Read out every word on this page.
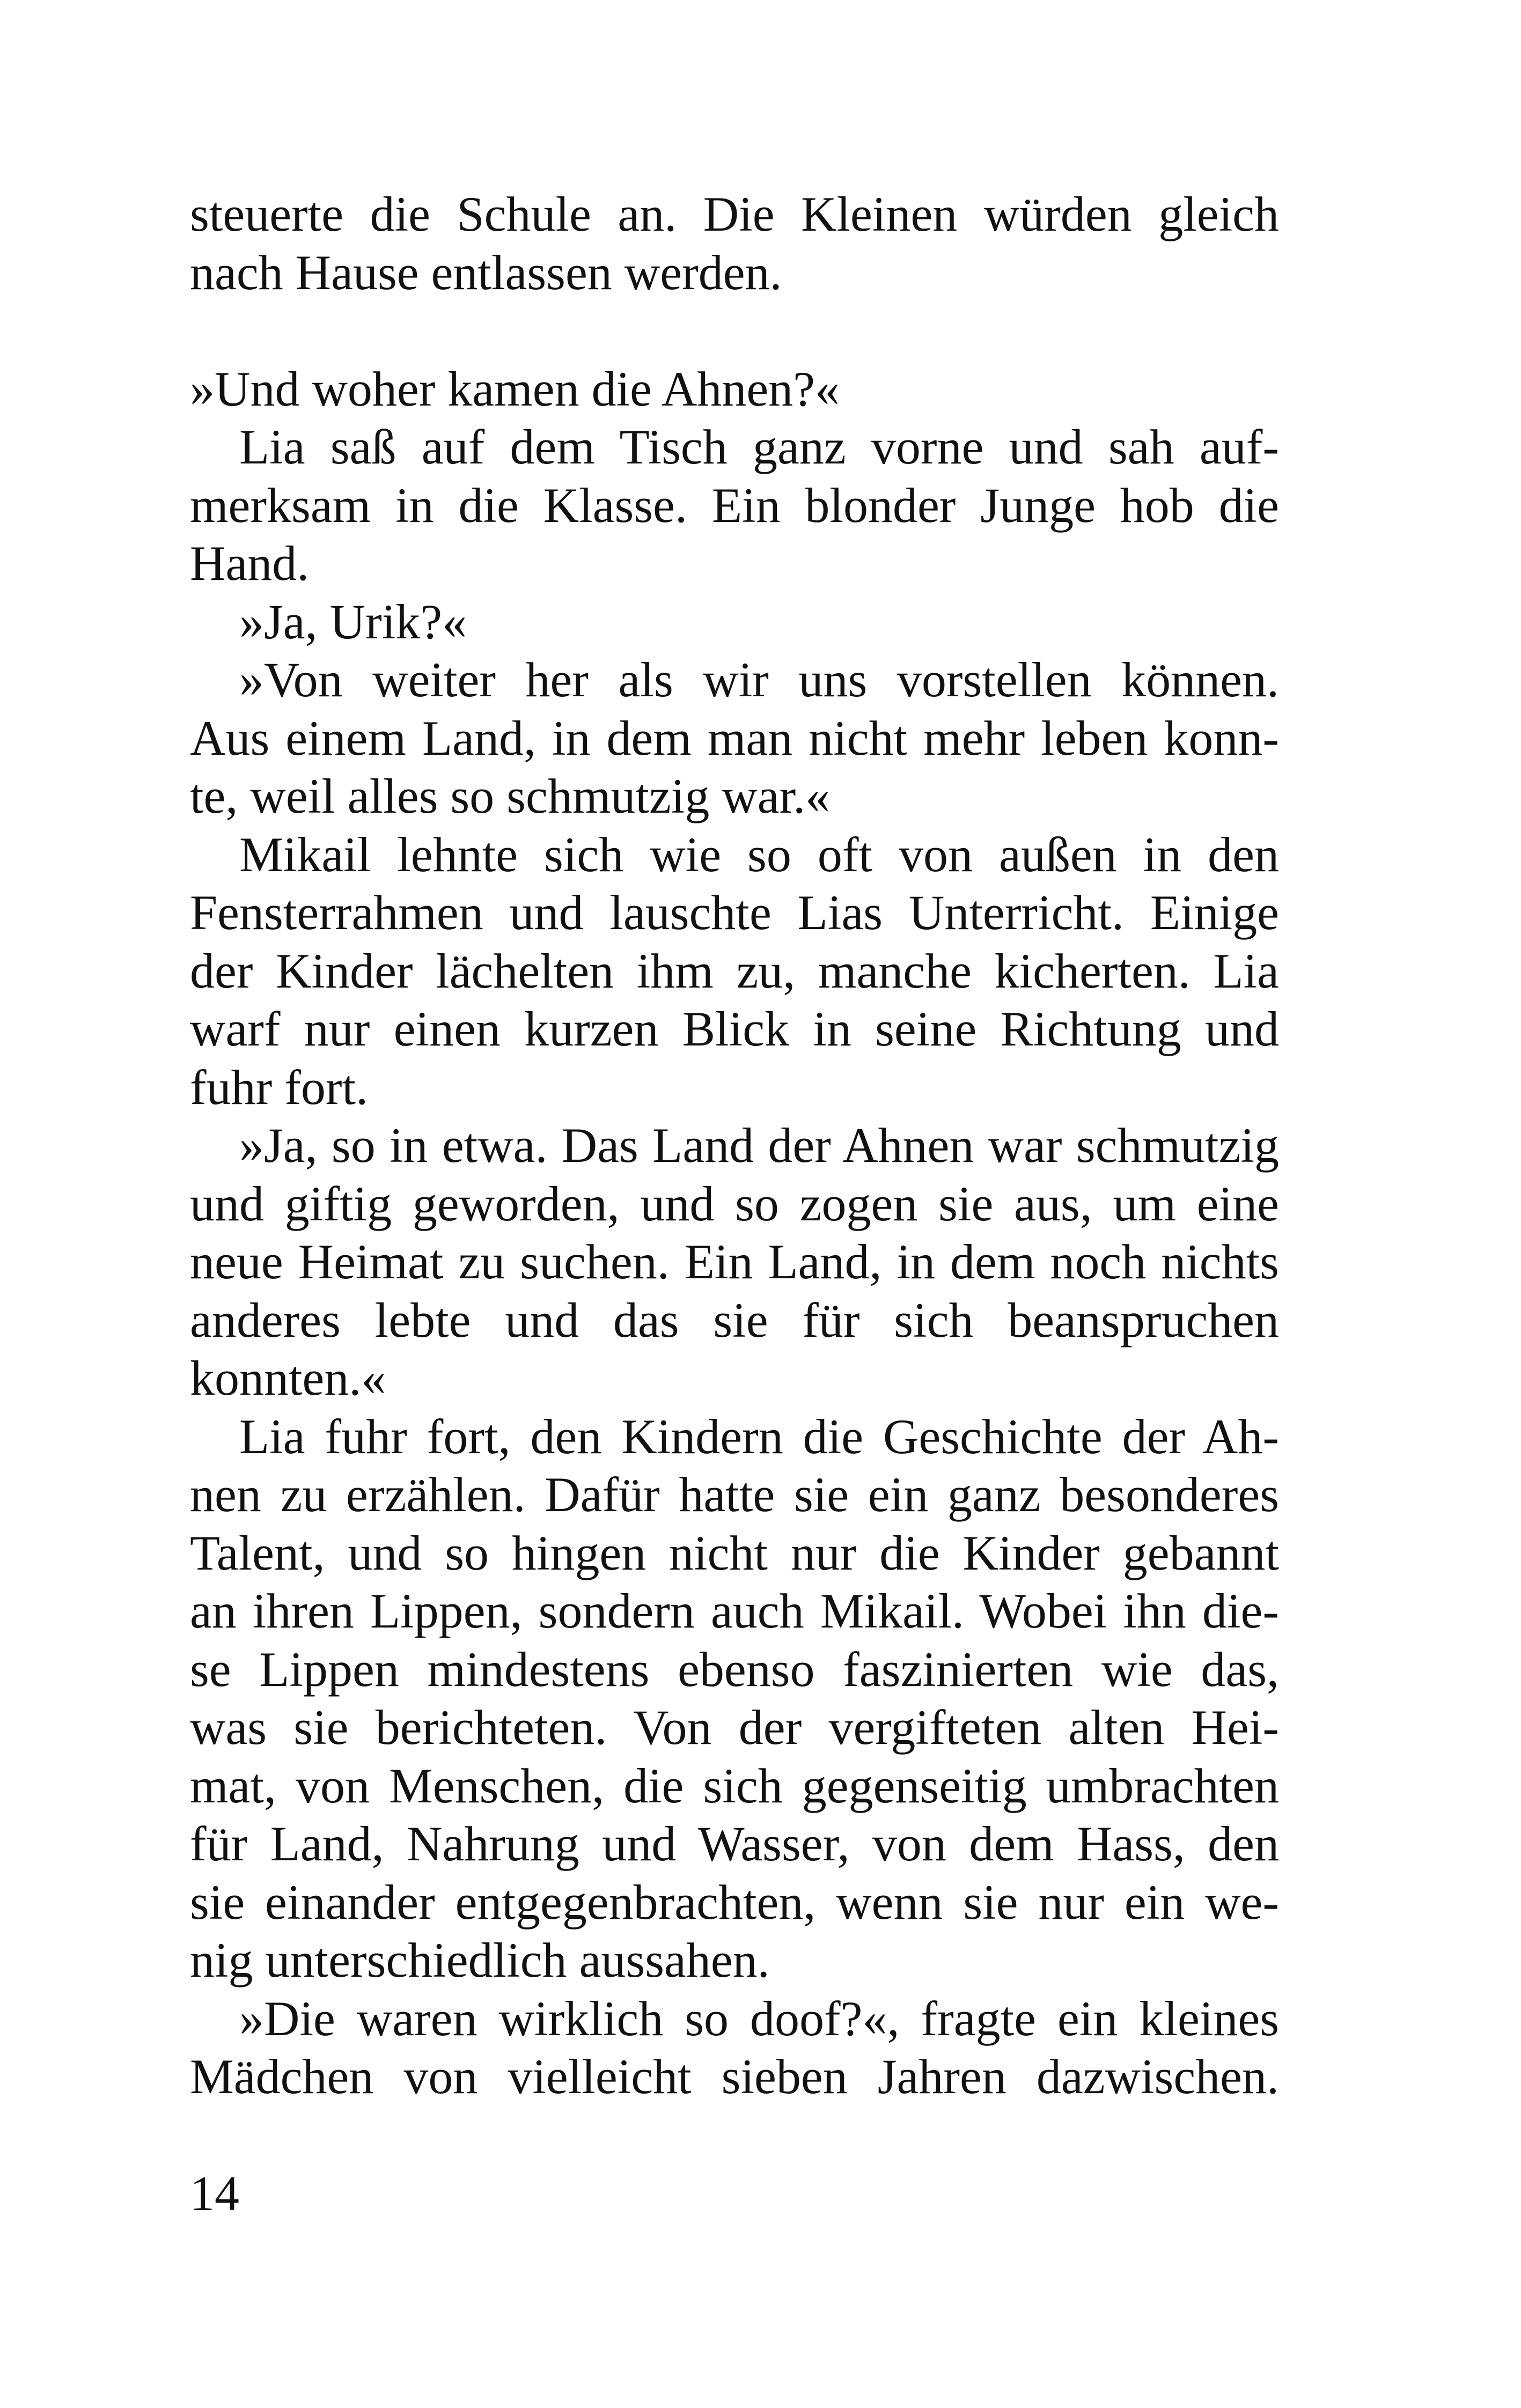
steuerte die Schule an. Die Kleinen würden gleich
nach Hause entlassen werden.
»Und woher kamen die Ahnen?«
Lia saß auf dem Tisch ganz vorne und sah auf-
merksam in die Klasse. Ein blonder Junge hob die
Hand.
»Ja, Urik?«
»Von weiter her als wir uns vorstellen können.
Aus einem Land, in dem man nicht mehr leben konn-
te, weil alles so schmutzig war.«
Mikail lehnte sich wie so oft von außen in den
Fensterrahmen und lauschte Lias Unterricht. Einige
der Kinder lächelten ihm zu, manche kicherten. Lia
warf nur einen kurzen Blick in seine Richtung und
fuhr fort.
»Ja, so in etwa. Das Land der Ahnen war schmutzig
und giftig geworden, und so zogen sie aus, um eine
neue Heimat zu suchen. Ein Land, in dem noch nichts
anderes lebte und das sie für sich beanspruchen
konnten.«
Lia fuhr fort, den Kindern die Geschichte der Ah-
nen zu erzählen. Dafür hatte sie ein ganz besonderes
Talent, und so hingen nicht nur die Kinder gebannt
an ihren Lippen, sondern auch Mikail. Wobei ihn die-
se Lippen mindestens ebenso faszinierten wie das,
was sie berichteten. Von der vergifteten alten Hei-
mat, von Menschen, die sich gegenseitig umbrachten
für Land, Nahrung und Wasser, von dem Hass, den
sie einander entgegenbrachten, wenn sie nur ein we-
nig unterschiedlich aussahen.
»Die waren wirklich so doof?«, fragte ein kleines
Mädchen von vielleicht sieben Jahren dazwischen.
14
